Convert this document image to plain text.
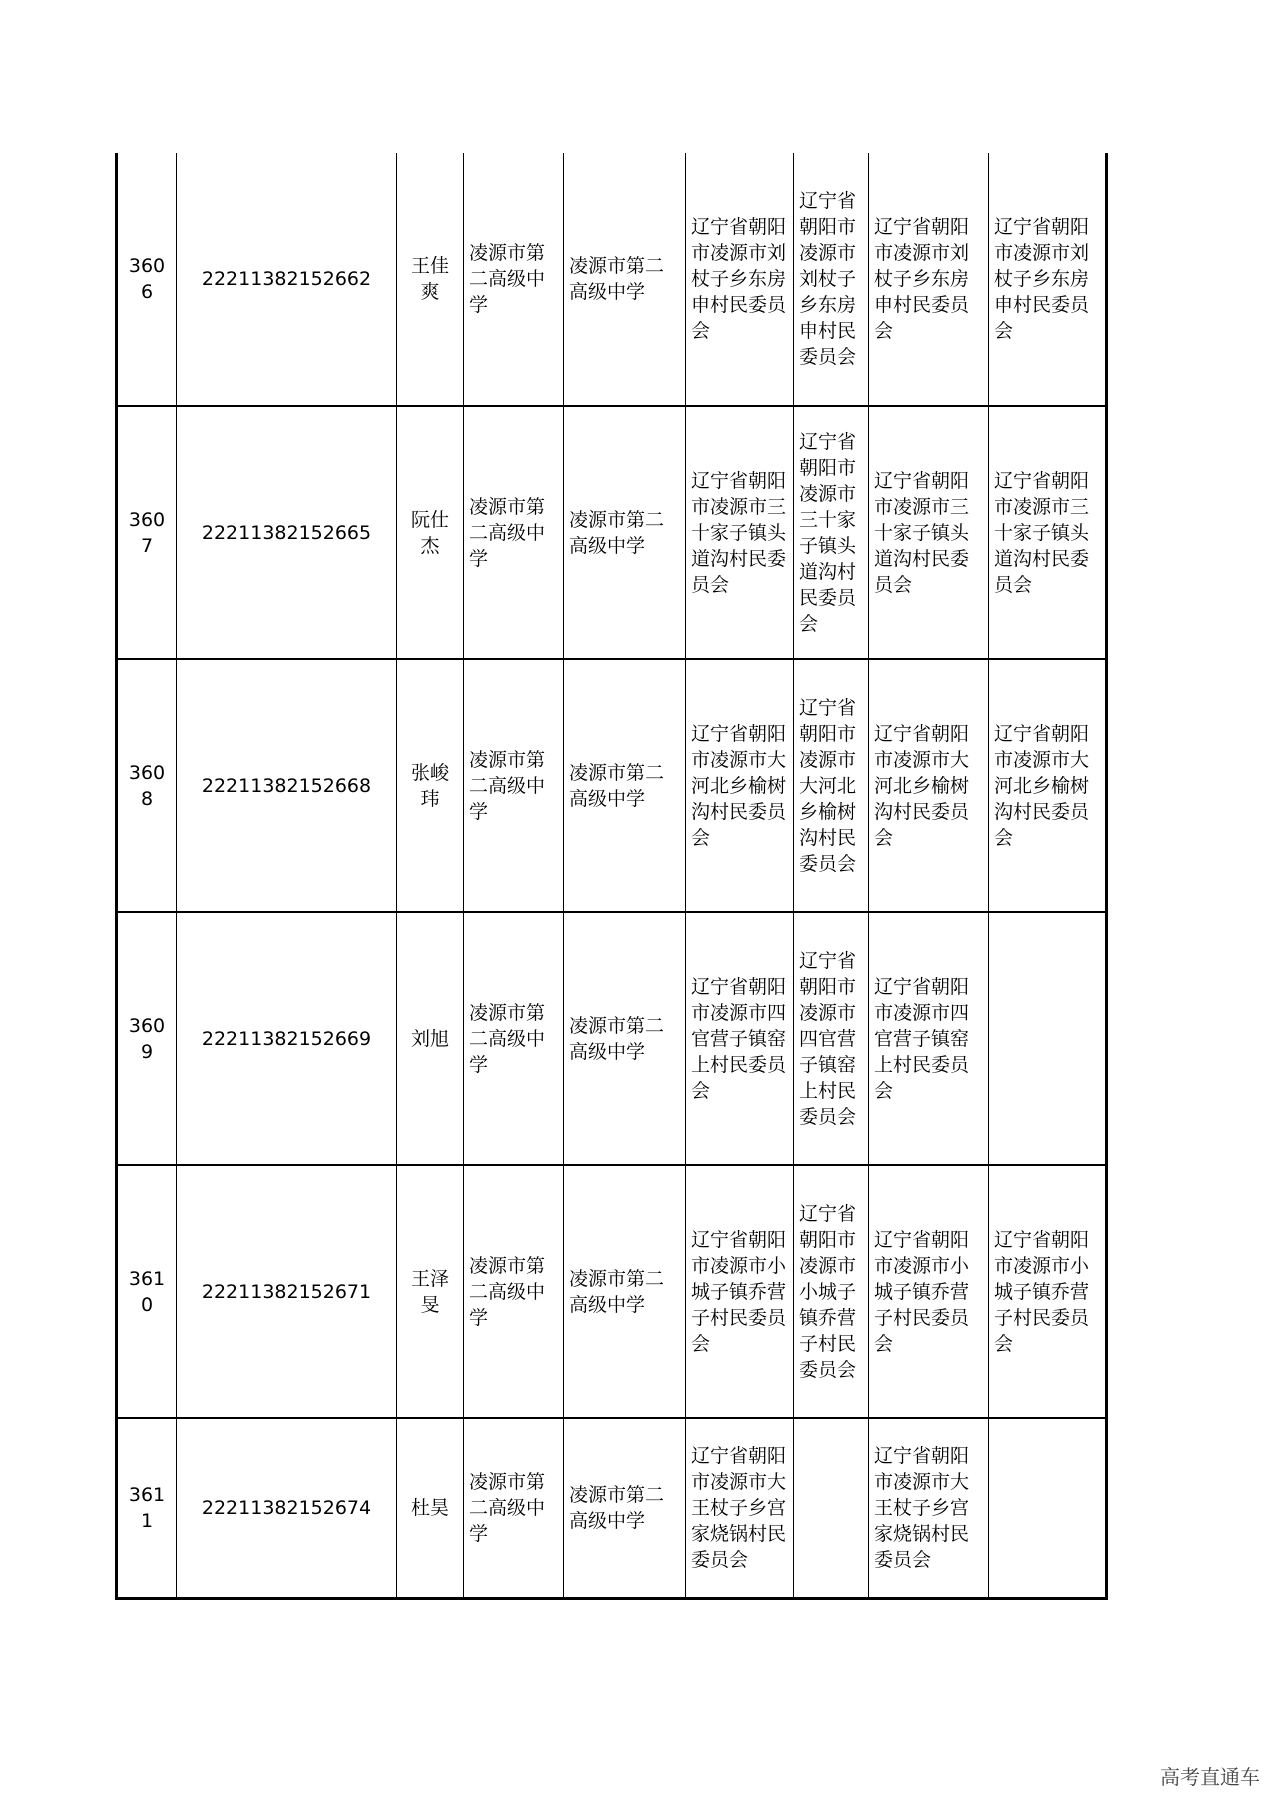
3606	22211382152662	王佳爽	凌源市第二高级中学	凌源市第二高级中学	辽宁省朝阳市凌源市刘杖子乡东房申村民委员会	辽宁省朝阳市凌源市刘杖子乡东房申村民委员会	辽宁省朝阳市凌源市刘杖子乡东房申村民委员会	辽宁省朝阳市凌源市刘杖子乡东房申村民委员会
3607	22211382152665	阮仕杰	凌源市第二高级中学	凌源市第二高级中学	辽宁省朝阳市凌源市三十家子镇头道沟村民委员会	辽宁省朝阳市凌源市三十家子镇头道沟村民委员会	辽宁省朝阳市凌源市三十家子镇头道沟村民委员会	辽宁省朝阳市凌源市三十家子镇头道沟村民委员会
3608	22211382152668	张峻玮	凌源市第二高级中学	凌源市第二高级中学	辽宁省朝阳市凌源市大河北乡榆树沟村民委员会	辽宁省朝阳市凌源市大河北乡榆树沟村民委员会	辽宁省朝阳市凌源市大河北乡榆树沟村民委员会	辽宁省朝阳市凌源市大河北乡榆树沟村民委员会
3609	22211382152669	刘旭	凌源市第二高级中学	凌源市第二高级中学	辽宁省朝阳市凌源市四官营子镇窑上村民委员会	辽宁省朝阳市凌源市四官营子镇窑上村民委员会	辽宁省朝阳市凌源市四官营子镇窑上村民委员会	
3610	22211382152671	王泽旻	凌源市第二高级中学	凌源市第二高级中学	辽宁省朝阳市凌源市小城子镇乔营子村民委员会	辽宁省朝阳市凌源市小城子镇乔营子村民委员会	辽宁省朝阳市凌源市小城子镇乔营子村民委员会	辽宁省朝阳市凌源市小城子镇乔营子村民委员会
3611	22211382152674	杜昊	凌源市第二高级中学	凌源市第二高级中学	辽宁省朝阳市凌源市大王杖子乡宫家烧锅村民委员会		辽宁省朝阳市凌源市大王杖子乡宫家烧锅村民委员会	
高考直通车
